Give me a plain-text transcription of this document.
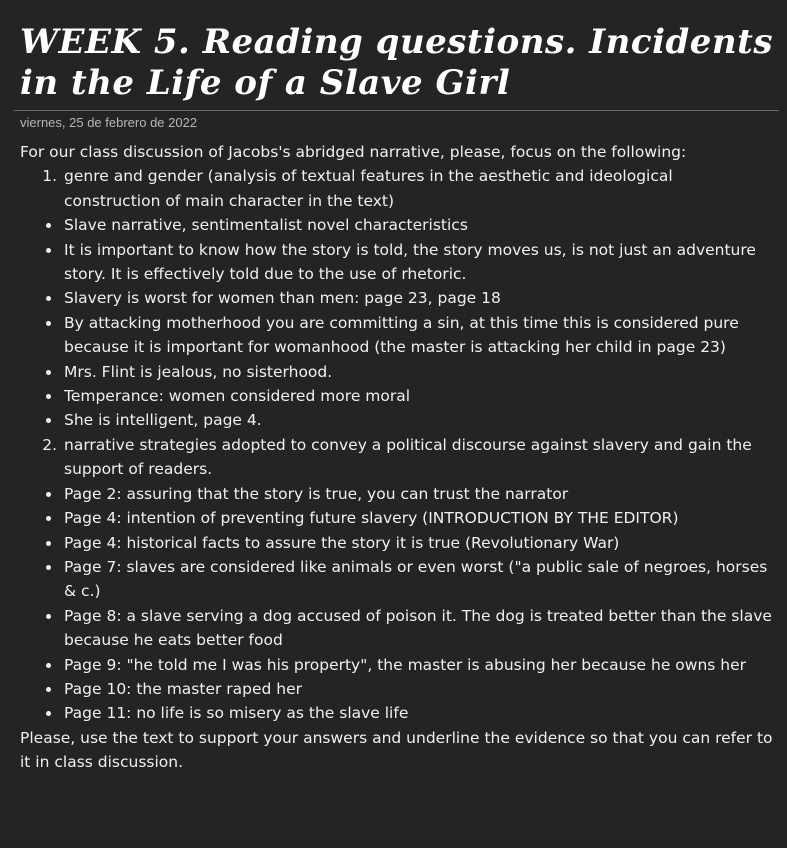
WEEK 5. Reading questions. Incidents in the Life of a Slave Girl
viernes, 25 de febrero de 2022

For our class discussion of Jacobs's abridged narrative, please, focus on the following:

1. genre and gender (analysis of textual features in the aesthetic and ideological construction of main character in the text)
• Slave narrative, sentimentalist novel characteristics
• It is important to know how the story is told, the story moves us, is not just an adventure story. It is effectively told due to the use of rhetoric.
• Slavery is worst for women than men: page 23, page 18
• By attacking motherhood you are committing a sin, at this time this is considered pure because it is important for womanhood (the master is attacking her child in page 23)
• Mrs. Flint is jealous, no sisterhood.
• Temperance: women considered more moral
• She is intelligent, page 4.
2. narrative strategies adopted to convey a political discourse against slavery and gain the support of readers.
• Page 2: assuring that the story is true, you can trust the narrator
• Page 4: intention of preventing future slavery (INTRODUCTION BY THE EDITOR)
• Page 4: historical facts to assure the story it is true (Revolutionary War)
• Page 7: slaves are considered like animals or even worst ("a public sale of negroes, horses & c.)
• Page 8: a slave serving a dog accused of poison it. The dog is treated better than the slave because he eats better food
• Page 9: "he told me I was his property", the master is abusing her because he owns her
• Page 10: the master raped her
• Page 11: no life is so misery as the slave life

Please, use the text to support your answers and underline the evidence so that you can refer to it in class discussion.
